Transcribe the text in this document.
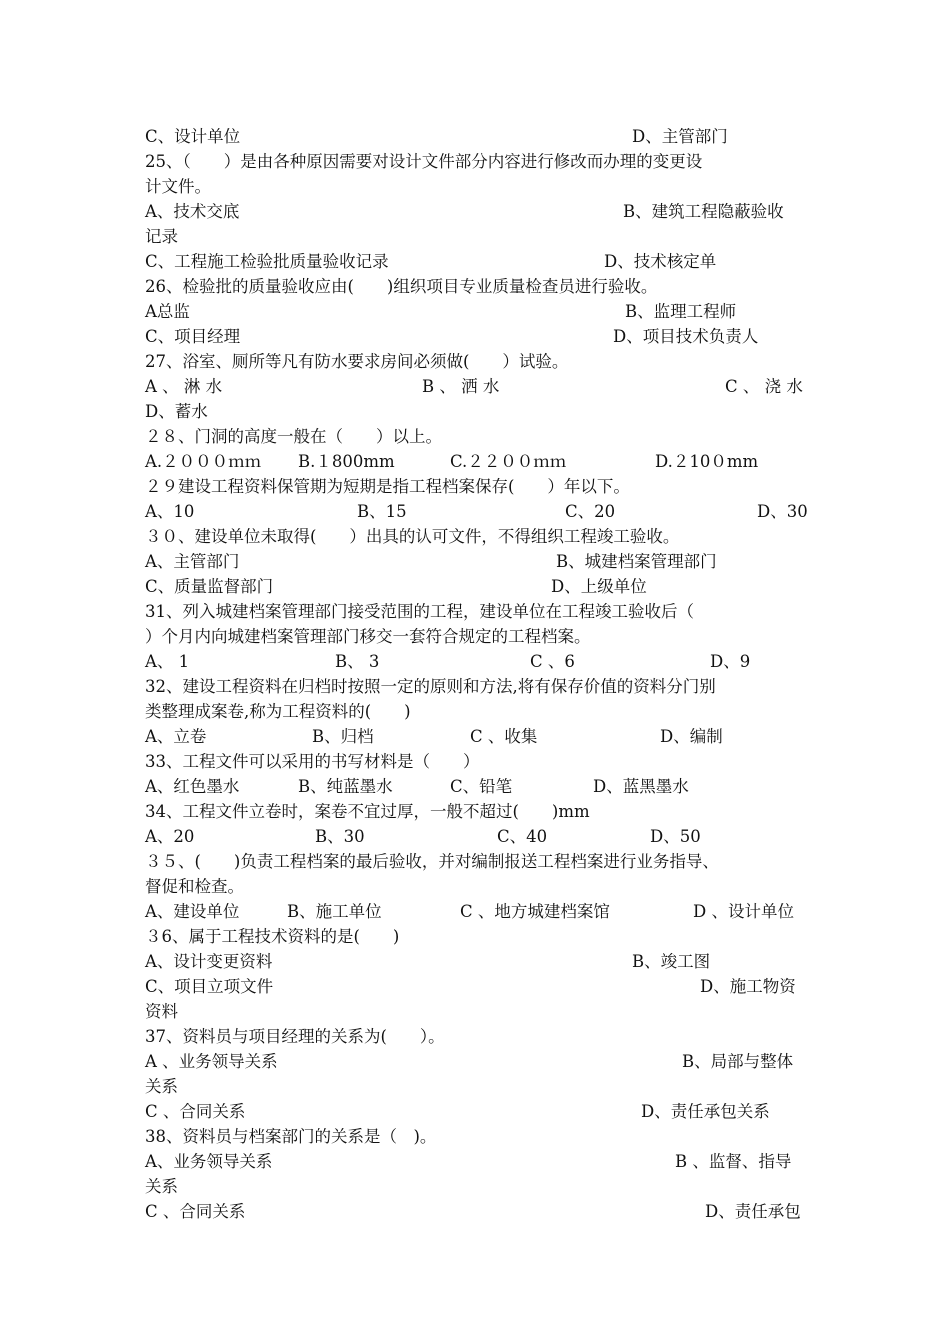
C、设计单位	D、主管部门
25、（　　）是由各种原因需要对设计文件部分内容进行修改而办理的变更设
计文件。
A、技术交底	B、建筑工程隐蔽验收
记录
C、工程施工检验批质量验收记录	D、技术核定单
26、检验批的质量验收应由(　　)组织项目专业质量检查员进行验收。
A总监	B、监理工程师
C、项目经理	D、项目技术负责人
27、浴室、厕所等凡有防水要求房间必须做(　　）试验。
A 、 淋 水	B 、 洒 水	C 、 浇 水
D、蓄水
２８、门洞的高度一般在（　　）以上。
A.２０００ｍｍ B.１800mm	C.２２００ｍｍ	D.２10０mm
２９建设工程资料保管期为短期是指工程档案保存(　　）年以下。
A、10	B、15	C、20	D、30
３０、建设单位未取得(　　）出具的认可文件，不得组织工程竣工验收。
A、主管部门	B、城建档案管理部门
C、质量监督部门	D、上级单位
31、列入城建档案管理部门接受范围的工程，建设单位在工程竣工验收后（
）个月内向城建档案管理部门移交一套符合规定的工程档案。
A、 1	B、 3	C 、6	D、9
32、建设工程资料在归档时按照一定的原则和方法,将有保存价值的资料分门别
类整理成案卷,称为工程资料的(　　)
A、立卷	B、归档	C 、收集	D、编制
33、工程文件可以采用的书写材料是（　　）
A、红色墨水	B、纯蓝墨水	C、铅笔	D、蓝黑墨水
34、工程文件立卷时，案卷不宜过厚，一般不超过(　　)mm
A、20	B、30	C、40	D、50
３５、(　　)负责工程档案的最后验收，并对编制报送工程档案进行业务指导、
督促和检查。
A、建设单位	B、施工单位	C 、地方城建档案馆	D 、设计单位
３6、属于工程技术资料的是(　　)
A、设计变更资料	B、竣工图
C、项目立项文件	D、施工物资
资料
37、资料员与项目经理的关系为(　　）。
A 、业务领导关系	B、局部与整体
关系
C 、合同关系	D、责任承包关系
38、资料员与档案部门的关系是（　)。
A、业务领导关系	B 、监督、指导
关系
C 、合同关系	D、责任承包
